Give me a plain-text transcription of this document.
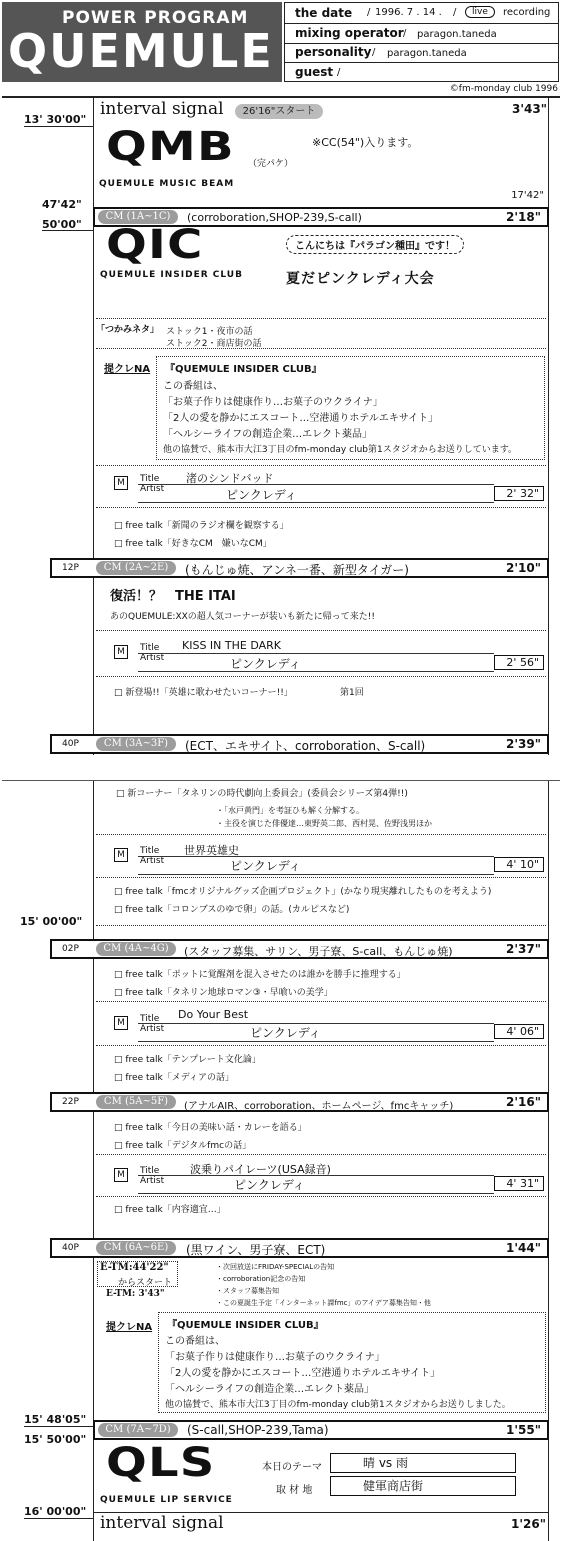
POWER PROGRAM
QUEMULE
the date / 1996. 7 . 14 . /	live	recording
mixing operator / paragon.taneda
personality / paragon.taneda
guest /
©fm-monday club 1996
13' 30'00"
interval signal	26'16"スタート	3'43"
QMB	※CC(54")入ります。
（完パケ）
QUEMULE MUSIC BEAM
17'42"
47'42"
50'00"
CM (1A~1C)	(corroboration,SHOP-239,S-call)	2'18"
QIC	こんにちは『パラゴン種田』です！
夏だピンクレディ大会
QUEMULE INSIDER CLUB
「つかみネタ」 ストック1・夜市の話
ストック2・商店街の話
提クレNA 『QUEMULE INSIDER CLUB』
この番組は、
「お菓子作りは健康作り…お菓子のウクライナ」
「2人の愛を静かにエスコート…空港通りホテルエキサイト」
「ヘルシーライフの創造企業…エレクト薬品」
他の協賛で、熊本市大江3丁目のfm-monday club第1スタジオからお送りしています。
M	Title
Artist
渚のシンドバッド
ピンクレディ	2' 32"
□ free talk「新聞のラジオ欄を観察する」
□ free talk「好きなCM　嫌いなCM」
12P	CM (2A~2E)	(もんじゅ焼、アンネ一番、新型タイガー)	2'10"
復活！？　THE ITAI
あのQUEMULE:XXの超人気コーナーが装いも新たに帰って来た!!
M	Title
Artist
KISS IN THE DARK
ピンクレディ	2' 56"
□ 新登場!!「英雄に歌わせたいコーナー!!」	第1回
40P	CM (3A~3F)	(ECT、エキサイト、corroboration、S-call)	2'39"
□ 新コーナー「タネリンの時代劇向上委員会」(委員会シリーズ第4弾!!)
・「水戸黄門」を考証ひも解く分解する。
・主役を演じた俳優達…東野英二郎、西村晃、佐野浅男ほか
M	Title
Artist
世界英雄史
ピンクレディ	4' 10"
□ free talk「fmcオリジナルグッズ企画プロジェクト」(かなり現実離れしたものを考えよう)
□ free talk「コロンブスのゆで卵」の話。(カルピスなど)
15' 00'00"
02P	CM (4A~4G)	(スタッフ募集、サリン、男子寮、S-call、もんじゅ焼)	2'37"
□ free talk「ポットに覚醒剤を混入させたのは誰かを勝手に推理する」
□ free talk「タネリン地球ロマン③・早喰いの美学」
M	Title
Artist
Do Your Best
ピンクレディ	4' 06"
□ free talk「テンプレート文化論」
□ free talk「メディアの話」
22P	CM (5A~5F)	(アナルAIR、corroboration、ホームページ、fmcキャッチ)	2'16"
□ free talk「今日の美味い話・カレーを語る」
□ free talk「デジタルfmcの話」
M	Title
Artist
波乗りパイレーツ(USA録音)
ピンクレディ	4' 31"
□ free talk「内容適宜…」
40P	CM (6A~6E)	(黒ワイン、男子寮、ECT)	1'44"
E-TM:44'22"
からスタート
E-TM: 3'43"
・次回放送にFRIDAY-SPECIALの告知
・corroboration記念の告知
・スタッフ募集告知
・この夏誕生予定「インターネット課fmc」のアイデア募集告知・他
提クレNA 『QUEMULE INSIDER CLUB』
この番組は、
「お菓子作りは健康作り…お菓子のウクライナ」
「2人の愛を静かにエスコート…空港通りホテルエキサイト」
「ヘルシーライフの創造企業…エレクト薬品」
他の協賛で、熊本市大江3丁目のfm-monday club第1スタジオからお送りしました。
15' 48'05"
15' 50'00"
CM (7A~7D)	(S-call,SHOP-239,Tama)	1'55"
QLS
QUEMULE LIP SERVICE
本日のテーマ	晴 vs 雨
取 材 地	健軍商店街
16' 00'00"
interval signal	1'26"
